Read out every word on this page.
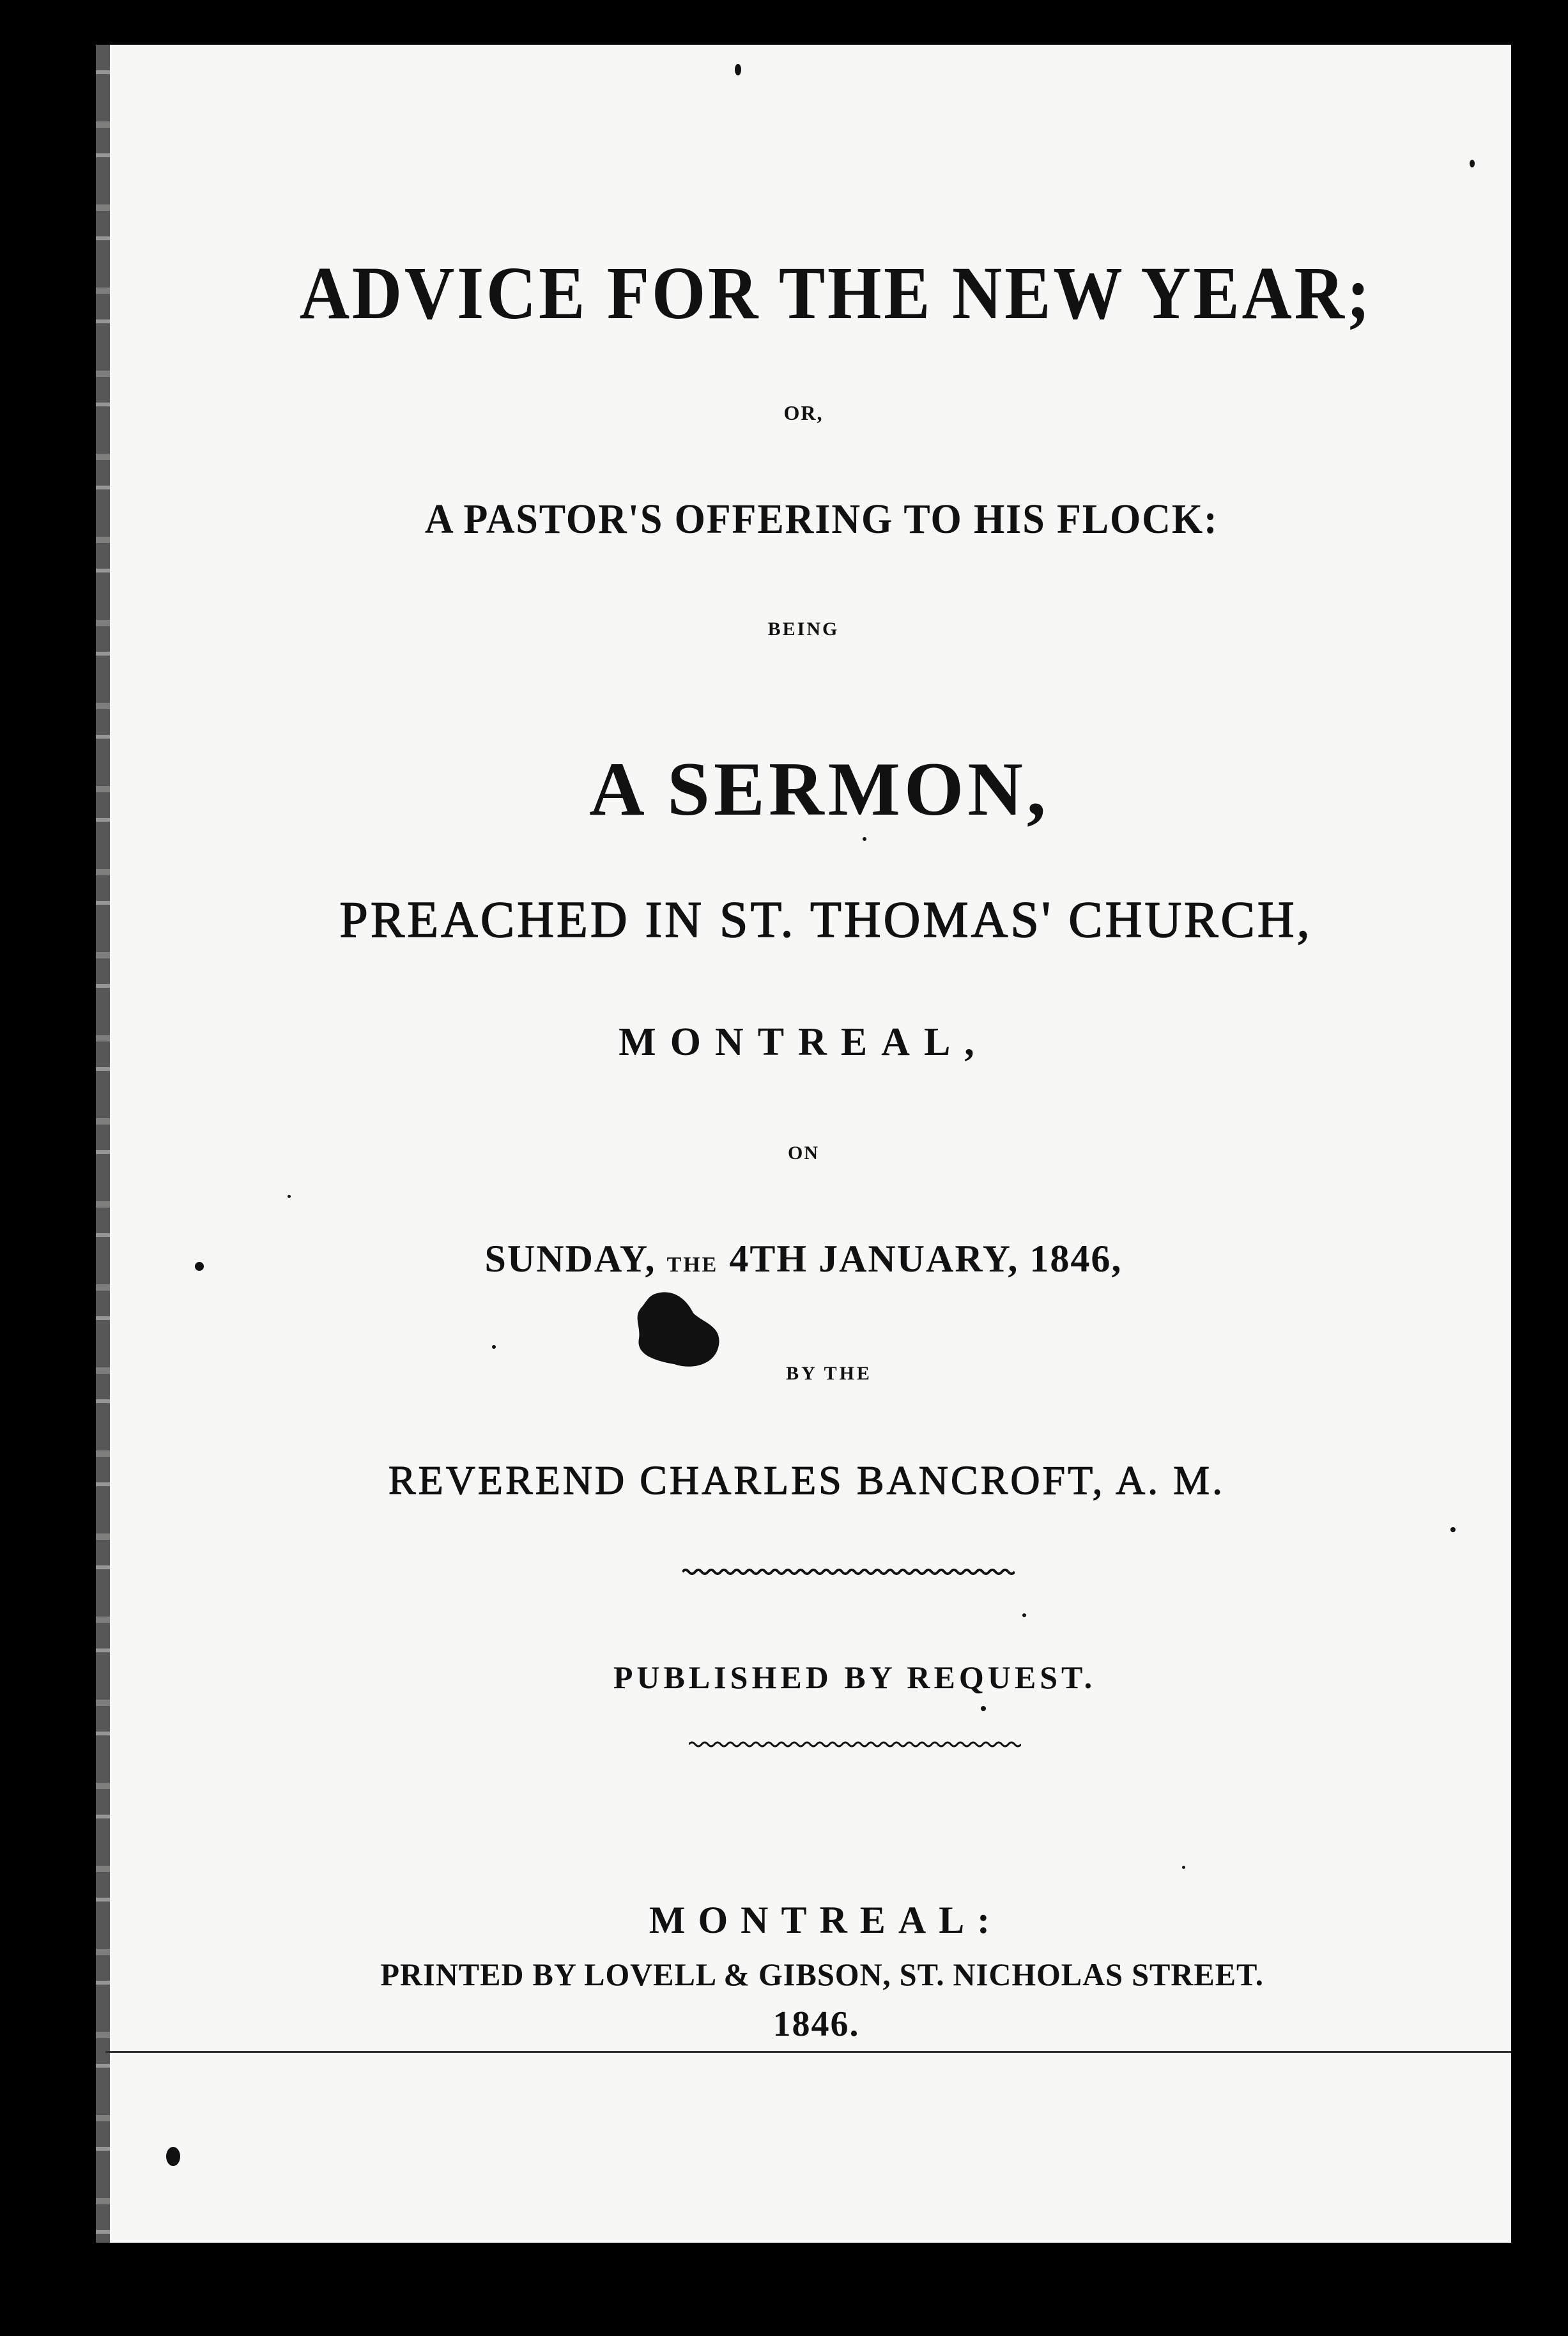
ADVICE FOR THE NEW YEAR;
OR,
A PASTOR'S OFFERING TO HIS FLOCK:
BEING
A SERMON,
PREACHED IN ST. THOMAS' CHURCH,
MONTREAL,
ON
SUNDAY, THE 4TH JANUARY, 1846,
BY THE
REVEREND CHARLES BANCROFT, A. M.
PUBLISHED BY REQUEST.
MONTREAL:
PRINTED BY LOVELL & GIBSON, ST. NICHOLAS STREET.
1846.
